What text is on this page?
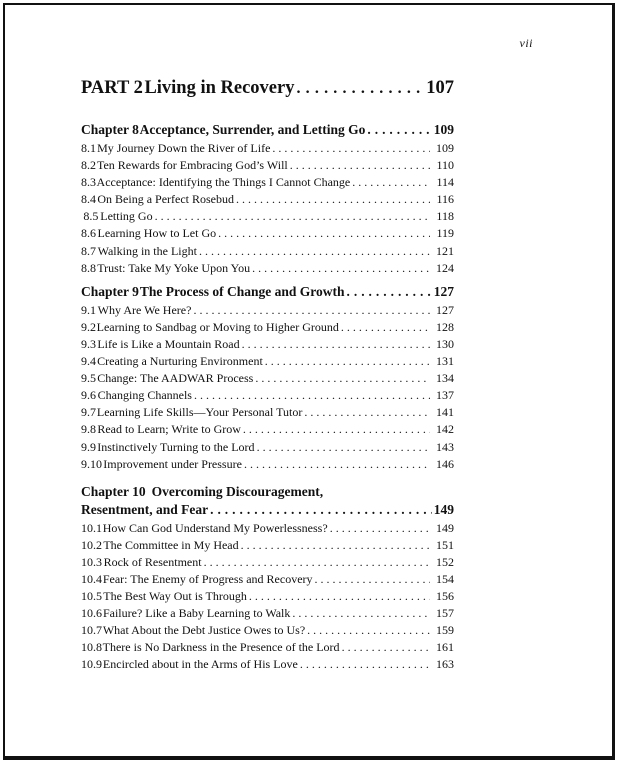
vii
PART 2 Living in Recovery . . .	107
Chapter 8 Acceptance, Surrender, and Letting Go . . .	109
8.1 My Journey Down the River of Life . . .	109
8.2 Ten Rewards for Embracing God’s Will . . .	110
8.3 Acceptance: Identifying the Things I Cannot Change . . .	114
8.4 On Being a Perfect Rosebud . . .	116
8.5 Letting Go . . .	118
8.6 Learning How to Let Go . . .	119
8.7 Walking in the Light . . .	121
8.8 Trust: Take My Yoke Upon You . . .	124
Chapter 9 The Process of Change and Growth . . .	127
9.1 Why Are We Here? . . .	127
9.2 Learning to Sandbag or Moving to Higher Ground . . .	128
9.3 Life is Like a Mountain Road . . .	130
9.4 Creating a Nurturing Environment . . .	131
9.5 Change: The AADWAR Process . . .	134
9.6 Changing Channels . . .	137
9.7 Learning Life Skills—Your Personal Tutor . . .	141
9.8 Read to Learn; Write to Grow . . .	142
9.9 Instinctively Turning to the Lord . . .	143
9.10 Improvement under Pressure . . .	146
Chapter 10 Overcoming Discouragement,
Resentment, and Fear . . .	149
10.1 How Can God Understand My Powerlessness? . . .	149
10.2 The Committee in My Head . . .	151
10.3 Rock of Resentment . . .	152
10.4 Fear: The Enemy of Progress and Recovery . . .	154
10.5 The Best Way Out is Through . . .	156
10.6 Failure? Like a Baby Learning to Walk . . .	157
10.7 What About the Debt Justice Owes to Us? . . .	159
10.8 There is No Darkness in the Presence of the Lord . . .	161
10.9 Encircled about in the Arms of His Love . . .	163
